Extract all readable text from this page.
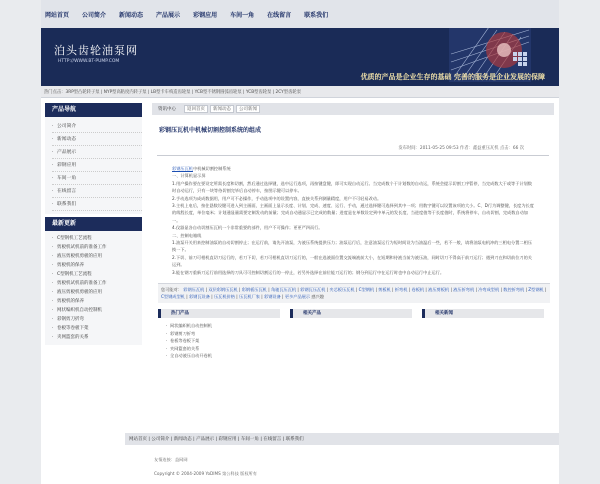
网站首页 公司简介 新闻动态 产品展示 彩钢应用 车间一角 在线留言 联系我们
泊头齿轮油泵网
HTTP://WWW.BT-PUMP.COM
优质的产品是企业生存的基础 完善的服务是企业发展的保障
热门点击：3RP型凸轮转子泵 | NYP型高粘度内转子泵 | LB型卡车构造齿轮泵 | YCB型不锈钢圆弧齿轮泵 | YCB型齿轮泵 | 2CY型齿轮泵
产品导航
· 公司简介
· 新闻动态
· 产品展示
· 彩钢应用
· 车间一角
· 在线留言
· 联系我们
最新更新
· C型钢机工艺流程
· 剪板机试机前的准备工作
· 液压剪板机剪板的应用
· 剪板机的保养
· C型钢机工艺流程
· 剪板机试机前的准备工作
· 液压剪板机剪板的应用
· 剪板机的保养
· 网状编织机自动控制机
· 彩钢剪刀折弯
· 卷板等卷板下架
· 夹网篮套的关系
资讯中心	返回首页	新闻动态	公司新闻
彩钢压瓦机中机械切割控制系统的组成
发布时间：2011-05-25 09:53 作者：鑫益重压瓦机 点击：66 次
彩钢压瓦机中机械切割控制系统
一、计算机显示屏
1.用户操作要在要设定所需长度和切割，然后通过选择键，选中运行选项，再按键盘键，即可实现自动运行。当完成数个于计划数的自动运，系统会提示切割工序暂停，当完成数大于或等于计划数时自动运行，只有一块等待切割完毕后自动停车，按图示键可以停车。
2.手动选项为成成数据用，用户可不必操作，手动选项中的设置内容，直接关系到测量精度，用户不可轻易改动。
3.主机上电后，按住悬数设键可进入到主画面，主画面上显示长度、计划、完成、速度、运行、手动，通过选择键可选择到其中一项；用数字键可以设置该项的大小。C、D行为调整键，长度为长度的线程长度，单位毫米；计划通显量需要定制发动的前量；完成自动通显示已完成的数量；进度是在单数设定到中单元的发长度，当进度值等于长度值时，系统将停车，自动切割，完成数自动加一。
4.仪器显各自动切割压瓦机一个非常重要的部件，用户不可操作；更更严四而行。
二、控制电箱线
1.油泵开关用来控制油泵的自动切割停止；在运行前，请先开油泵，为液压系统提供压力；油泵运行后，注意油泵运行为短时间设为当油温后一些，若不一般，请将油泵电机冲的三相电分置二相压换一下。
2.下切、前刀可相机直切刀运行的，若刀下切，若刀可相机直切刀运行的，一般在选液面位置交流端液前大小，在短期和待液当前为液压油，同时切刀不得高于前刀运行；遇到刀在和切前位刀的关运到。
3.能在钢刀重新刀运行前用选择的刀具可可控制切割运行的一停止，若另外选择在前位能刀运行的；钢分到运行中在运行时也中自动运行中止运行。
您可能对： 彩钢压瓦机 | 双层彩钢压瓦机 | 彩钢板压瓦机 | 角驰瓦压瓦机 | 彩钢瓦压瓦机 | 夹芯板压瓦机 | C型钢机 | 剪板机 | 折弯机 | 卷板机 | 液压剪板机 | 液压折弯机 | 冷弯成型机 | 数控折弯机 | Z型钢机 | C型钢成型机 | 彩钢瓦设备 | 压瓦机价格 | 压瓦机厂家 | 彩钢设备 | 更多产品展示 感兴趣
热门产品
· 网状编织机自动控制机
· 彩钢剪刀折弯
· 卷板等卷板下架
· 夹网篮套的关系
· 全自动液压自动开卷机
相关产品	相关新闻
网站首页 | 公司简介 | 新闻动态 | 产品展示 | 彩钢应用 | 车间一角 | 在线留言 | 联系我们
友情连接：益网网
Copyright © 2004-2009 YoDIMS 第公科技 版权所有
